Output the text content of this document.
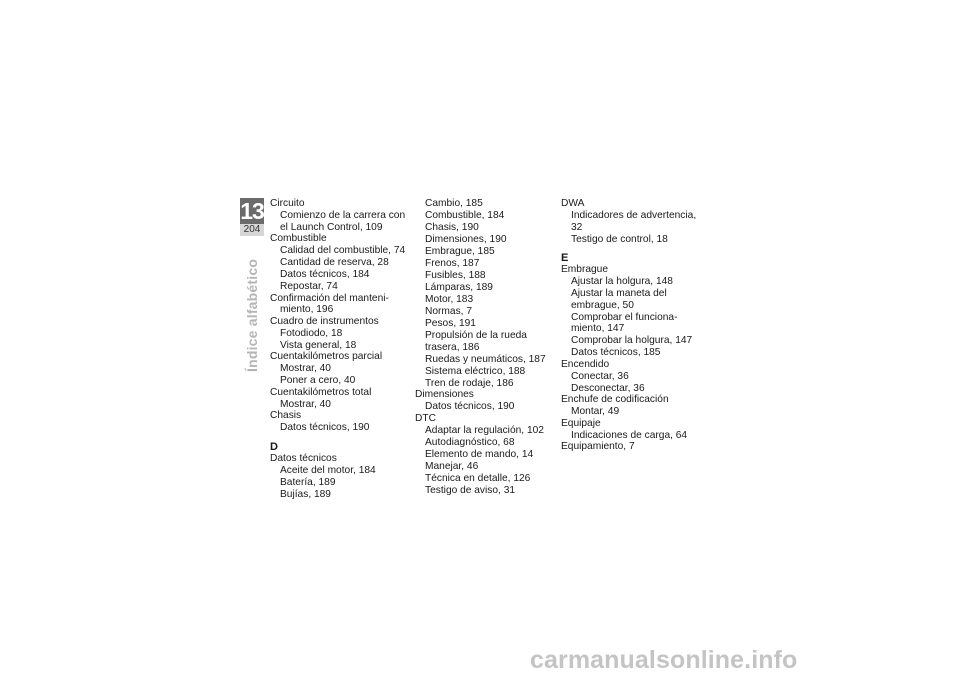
13
204
Índice alfabético
Circuito
Comienzo de la carrera con el Launch Control, 109
Combustible
Calidad del combustible, 74
Cantidad de reserva, 28
Datos técnicos, 184
Repostar, 74
Confirmación del manteni-
miento, 196
Cuadro de instrumentos
Fotodiodo, 18
Vista general, 18
Cuentakilómetros parcial
Mostrar, 40
Poner a cero, 40
Cuentakilómetros total
Mostrar, 40
Chasis
Datos técnicos, 190
D
Datos técnicos
Aceite del motor, 184
Batería, 189
Bujías, 189
Cambio, 185
Combustible, 184
Chasis, 190
Dimensiones, 190
Embrague, 185
Frenos, 187
Fusibles, 188
Lámparas, 189
Motor, 183
Normas, 7
Pesos, 191
Propulsión de la rueda trasera, 186
Ruedas y neumáticos, 187
Sistema eléctrico, 188
Tren de rodaje, 186
Dimensiones
Datos técnicos, 190
DTC
Adaptar la regulación, 102
Autodiagnóstico, 68
Elemento de mando, 14
Manejar, 46
Técnica en detalle, 126
Testigo de aviso, 31
DWA
Indicadores de advertencia, 32
Testigo de control, 18
E
Embrague
Ajustar la holgura, 148
Ajustar la maneta del embrague, 50
Comprobar el funciona- miento, 147
Comprobar la holgura, 147
Datos técnicos, 185
Encendido
Conectar, 36
Desconectar, 36
Enchufe de codificación
Montar, 49
Equipaje
Indicaciones de carga, 64
Equipamiento, 7
carmanualsonline.info
